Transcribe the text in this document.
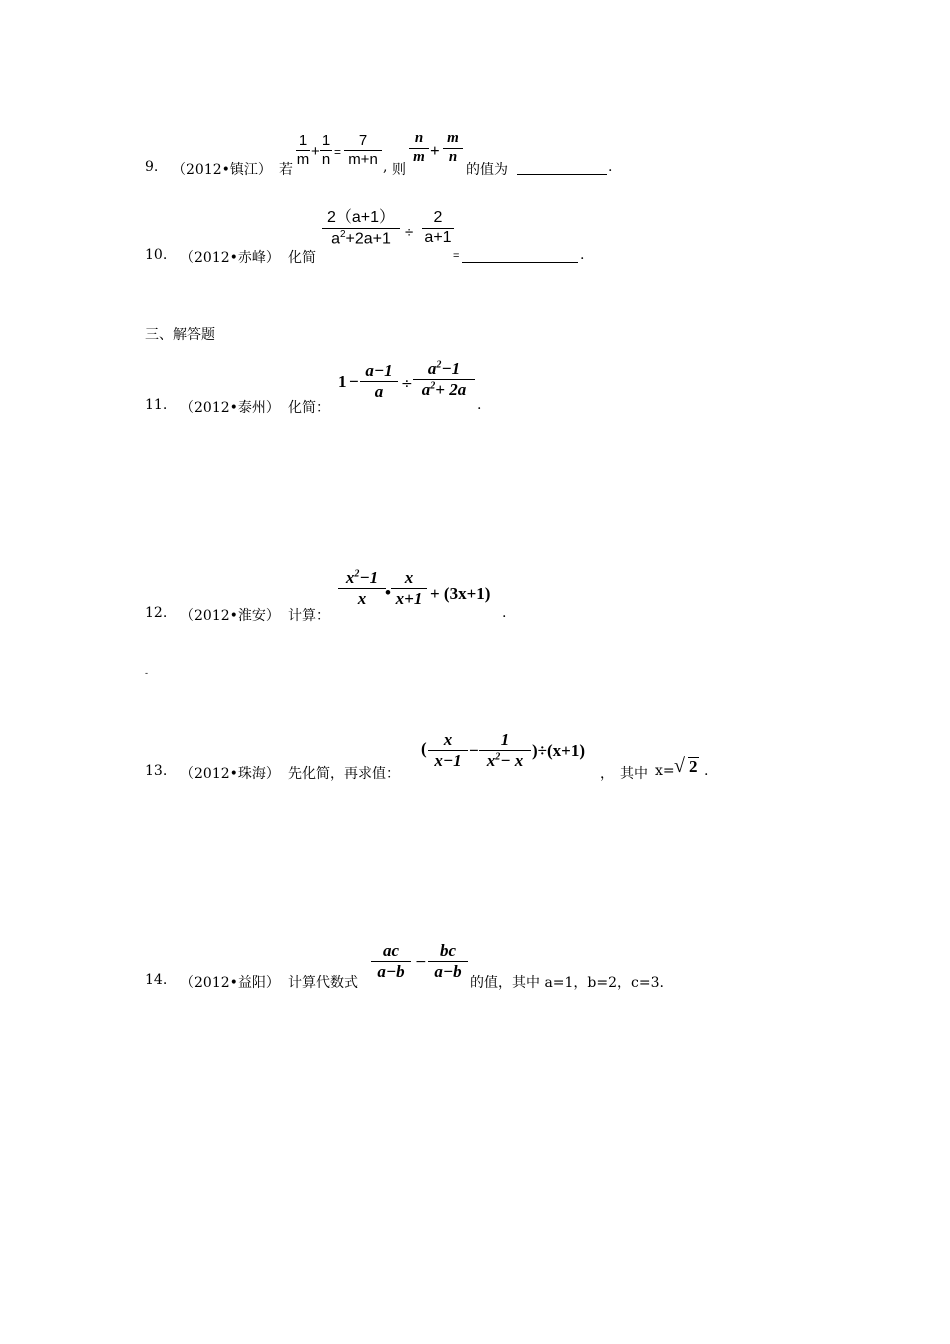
9. （2012•镇江） 若
1
m +
1
n =
7
m+n , 则
n
m +
m
n
的值为	.
10. （2012•赤峰） 化简
2（a+1）
$a^2+2a+1$ ÷
2
a+1
=	.
三、解答题
11. （2012•泰州） 化简：
1 −
a−1
a	÷
$a^2-1$
$a^2+ 2a$
.
12. （2012•淮安） 计算：
$x^2-1$
x	•
x
x+1 + (3x+1)
.
-
13. （2012•珠海） 先化简，再求值：
(	x
x−1
−
1
$x^2- x$
)÷(x+1)
， 其中 x= √ 2 .
14. （2012•益阳） 计算代数式
ac
a−b −
bc
a−b
的值，其中 a=1，b=2，c=3.
